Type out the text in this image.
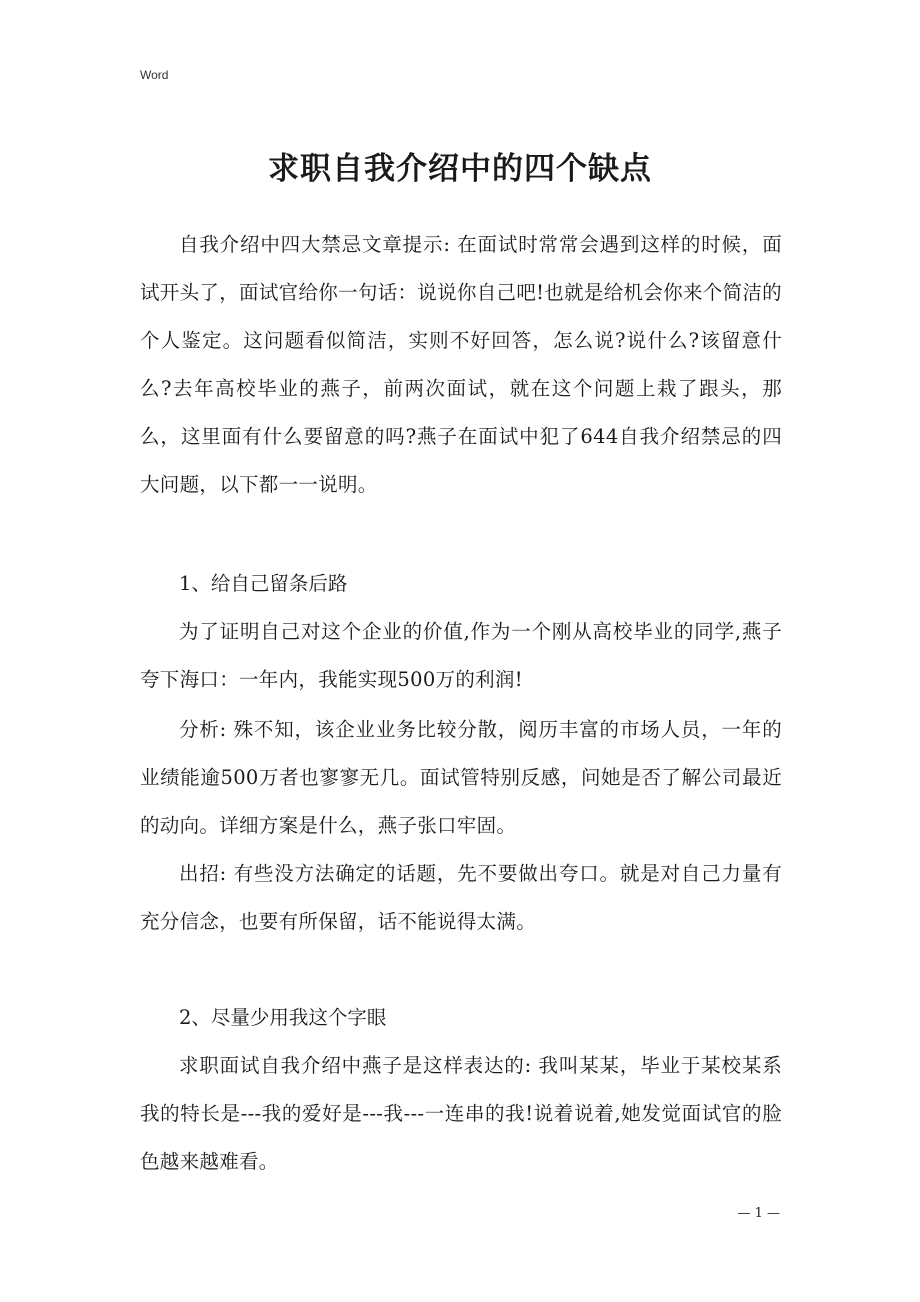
Word
求职自我介绍中的四个缺点

自我介绍中四大禁忌文章提示: 在面试时常常会遇到这样的时候，面试开头了，面试官给你一句话：说说你自己吧!也就是给机会你来个简洁的个人鉴定。这问题看似简洁，实则不好回答，怎么说?说什么?该留意什么?去年高校毕业的燕子，前两次面试，就在这个问题上栽了跟头，那么，这里面有什么要留意的吗?燕子在面试中犯了644自我介绍禁忌的四大问题，以下都一一说明。

1、给自己留条后路

为了证明自己对这个企业的价值,作为一个刚从高校毕业的同学,燕子夸下海口：一年内，我能实现500万的利润!

分析: 殊不知，该企业业务比较分散，阅历丰富的市场人员，一年的业绩能逾500万者也寥寥无几。面试管特别反感，问她是否了解公司最近的动向。详细方案是什么，燕子张口牢固。

出招: 有些没方法确定的话题，先不要做出夸口。就是对自己力量有充分信念，也要有所保留，话不能说得太满。

2、尽量少用我这个字眼

求职面试自我介绍中燕子是这样表达的: 我叫某某，毕业于某校某系我的特长是---我的爱好是---我---一连串的我!说着说着,她发觉面试官的脸色越来越难看。

— 1 —
